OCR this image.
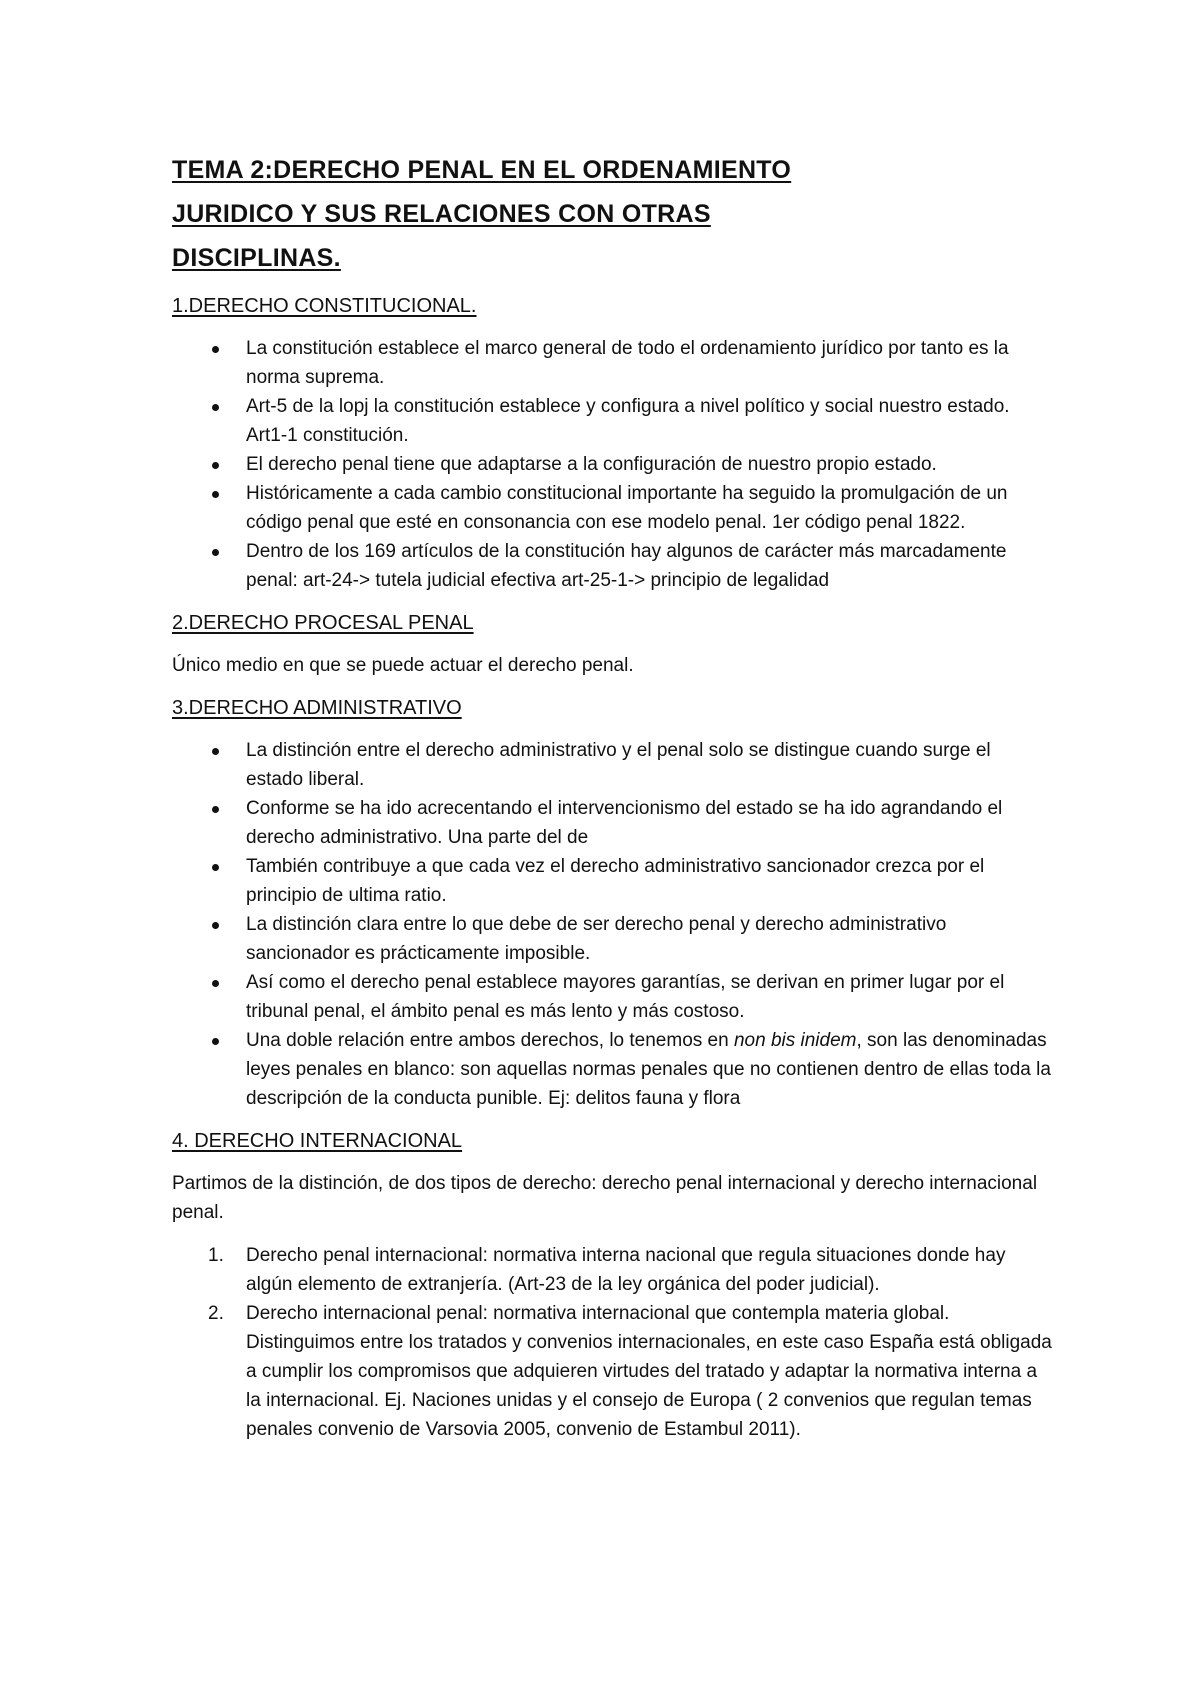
TEMA 2:DERECHO PENAL EN EL ORDENAMIENTO
JURIDICO Y SUS RELACIONES CON OTRAS
DISCIPLINAS.
1.DERECHO CONSTITUCIONAL.
La constitución establece el marco general de todo el ordenamiento jurídico por tanto es la norma suprema.
Art-5 de la lopj la constitución establece y configura a nivel político y social nuestro estado. Art1-1 constitución.
El derecho penal tiene que adaptarse a la configuración de nuestro propio estado.
Históricamente a cada cambio constitucional importante ha seguido la promulgación de un código penal que esté en consonancia con ese modelo penal. 1er código penal 1822.
Dentro de los 169 artículos de la constitución hay algunos de carácter más marcadamente penal: art-24-> tutela judicial efectiva art-25-1-> principio de legalidad
2.DERECHO PROCESAL PENAL

Único medio en que se puede actuar el derecho penal.

3.DERECHO ADMINISTRATIVO
La distinción entre el derecho administrativo y el penal solo se distingue cuando surge el estado liberal.
Conforme se ha ido acrecentando el intervencionismo del estado se ha ido agrandando el derecho administrativo. Una parte del de
También contribuye a que cada vez el derecho administrativo sancionador crezca por el principio de ultima ratio.
La distinción clara entre lo que debe de ser derecho penal y derecho administrativo sancionador es prácticamente imposible.
Así como el derecho penal establece mayores garantías, se derivan en primer lugar por el tribunal penal, el ámbito penal es más lento y más costoso.
Una doble relación entre ambos derechos, lo tenemos en non bis inidem, son las denominadas leyes penales en blanco: son aquellas normas penales que no contienen dentro de ellas toda la descripción de la conducta punible. Ej: delitos fauna y flora
4. DERECHO INTERNACIONAL

Partimos de la distinción, de dos tipos de derecho: derecho penal internacional y derecho internacional penal.

1. Derecho penal internacional: normativa interna nacional que regula situaciones donde hay algún elemento de extranjería. (Art-23 de la ley orgánica del poder judicial).
2. Derecho internacional penal: normativa internacional que contempla materia global. Distinguimos entre los tratados y convenios internacionales, en este caso España está obligada a cumplir los compromisos que adquieren virtudes del tratado y adaptar la normativa interna a la internacional. Ej. Naciones unidas y el consejo de Europa ( 2 convenios que regulan temas penales convenio de Varsovia 2005, convenio de Estambul 2011).
